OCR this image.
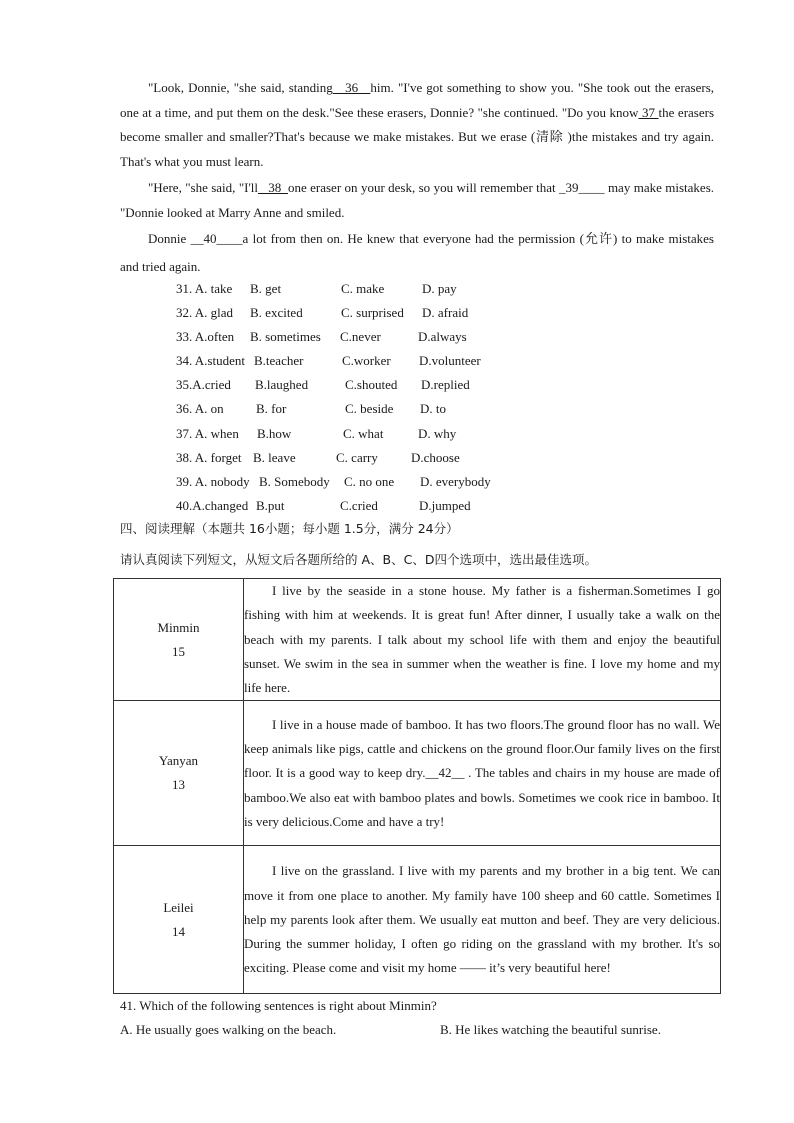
"Look, Donnie, "she said, standing   36   him. "I've got something to show you. "She took out the erasers, one at a time, and put them on the desk."See these erasers, Donnie? "she continued. "Do you know 37 the erasers become smaller and smaller?That's because we make mistakes. But we erase (清除 )the mistakes and try again. That's what you must learn.

"Here, "she said, "I'll   38  one eraser on your desk, so you will remember that _39____ may make mistakes. "Donnie looked at Marry Anne and smiled.

Donnie __40____a lot from then on. He knew that everyone had the permission (允许) to make mistakes and tried again.

31. A. take B. get	C. make	D. pay
32. A. glad B. excited	C. surprised D. afraid
33. A.often B. sometimes C.never	D.always
34. A.student B.teacher	C.worker D.volunteer
35.A.cried B.laughed	C.shouted D.replied
36. A. on B. for	C. beside D. to
37. A. when B.how	C. what	D. why
38. A. forget B. leave	C. carry	D.choose
39. A. nobody B. Somebody C. no one D. everybody
40.A.changed B.put	C.cried	D.jumped

四、阅读理解（本题共 16小题；每小题 1.5分，满分 24分）

请认真阅读下列短文，从短文后各题所给的 A、B、C、D四个选项中，选出最佳选项。

Minmin
15	I live by the seaside in a stone house. My father is a fisherman.Sometimes I go fishing with him at weekends. It is great fun! After dinner, I usually take a walk on the beach with my parents. I talk about my school life with them and enjoy the beautiful sunset. We swim in the sea in summer when the weather is fine. I love my home and my life here.

Yanyan
13	I live in a house made of bamboo. It has two floors.The ground floor has no wall. We keep animals like pigs, cattle and chickens on the ground floor.Our family lives on the first floor. It is a good way to keep dry.__42__ . The tables and chairs in my house are made of bamboo.We also eat with bamboo plates and bowls. Sometimes we cook rice in bamboo. It is very delicious.Come and have a try!

Leilei
14	I live on the grassland. I live with my parents and my brother in a big tent. We can move it from one place to another. My family have 100 sheep and 60 cattle. Sometimes I help my parents look after them. We usually eat mutton and beef. They are very delicious. During the summer holiday, I often go riding on the grassland with my brother. It's so exciting. Please come and visit my home —— it’s very beautiful here!

41. Which of the following sentences is right about Minmin?

A. He usually goes walking on the beach.	B. He likes watching the beautiful sunrise.
